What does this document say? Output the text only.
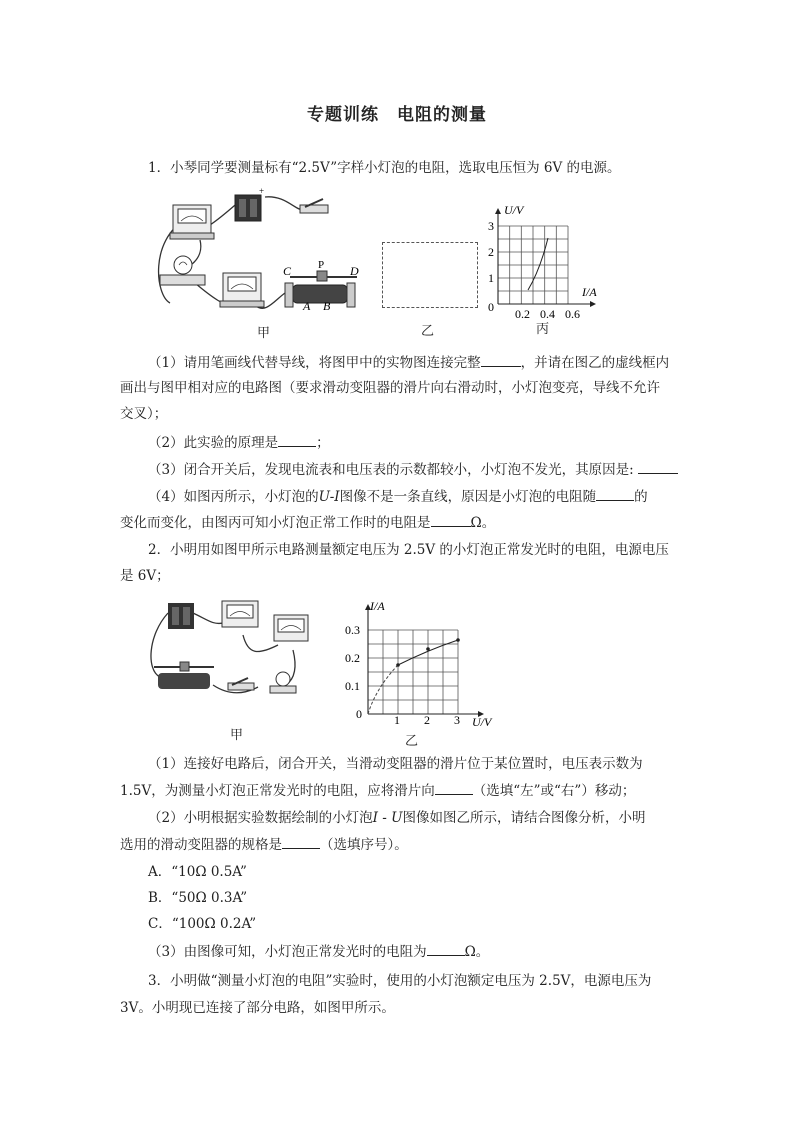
专题训练　电阻的测量
1．小琴同学要测量标有“2.5V”字样小灯泡的电阻，选取电压恒为 6V 的电源。
+
C P D
A B
甲	乙
U/V
I/A
0
1
2
3
0.2 0.4 0.6
丙
（1）请用笔画线代替导线，将图甲中的实物图连接完整	，并请在图乙的虚线框内
画出与图甲相对应的电路图（要求滑动变阻器的滑片向右滑动时，小灯泡变亮，导线不允许
交叉）；
（2）此实验的原理是	；
（3）闭合开关后，发现电流表和电压表的示数都较小，小灯泡不发光，其原因是:
（4）如图丙所示，小灯泡的U-I图像不是一条直线，原因是小灯泡的电阻随	的
变化而变化，由图丙可知小灯泡正常工作时的电阻是	Ω。
2．小明用如图甲所示电路测量额定电压为 2.5V 的小灯泡正常发光时的电阻，电源电压
是 6V；
甲
I/A
U/V
0
0.1
0.2
0.3
1 2 3
乙
（1）连接好电路后，闭合开关，当滑动变阻器的滑片位于某位置时，电压表示数为
1.5V，为测量小灯泡正常发光时的电阻，应将滑片向	（选填“左”或“右”）移动；
（2）小明根据实验数据绘制的小灯泡I - U图像如图乙所示，请结合图像分析，小明
选用的滑动变阻器的规格是	（选填序号）。
A．“10Ω 0.5A”
B．“50Ω 0.3A”
C．“100Ω 0.2A”
（3）由图像可知，小灯泡正常发光时的电阻为	Ω。
3．小明做“测量小灯泡的电阻”实验时，使用的小灯泡额定电压为 2.5V，电源电压为
3V。小明现已连接了部分电路，如图甲所示。
